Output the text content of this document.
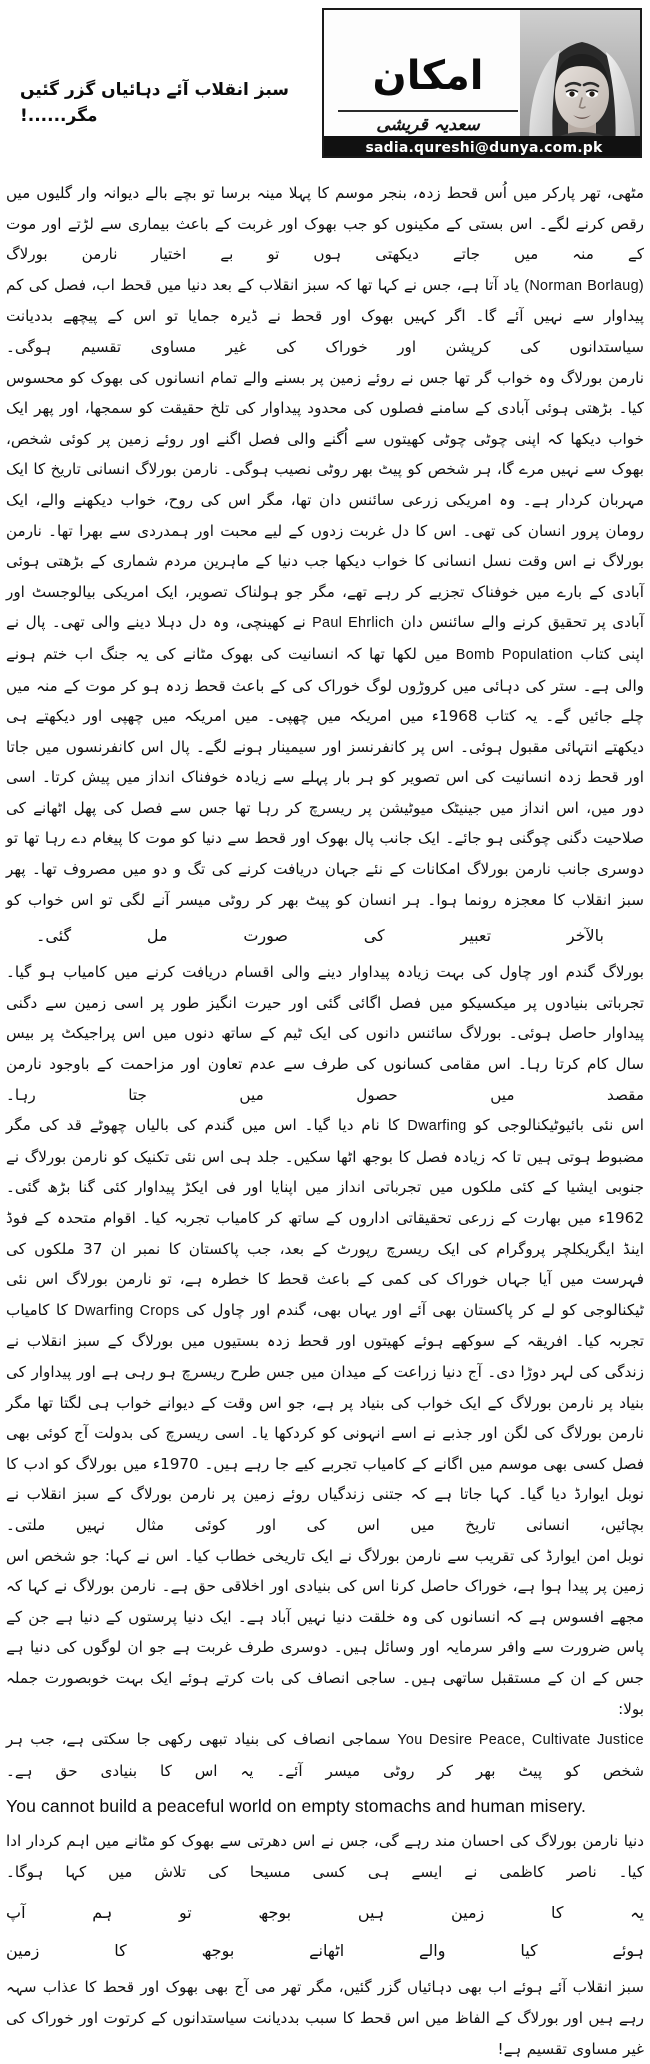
سبز انقلاب آئے دہائیاں گزر گئیں مگر......!
امکان
سعدیہ قریشی
sadia.qureshi@dunya.com.pk

مٹھی، تھر پارکر میں اُس قحط زدہ، بنجر موسم کا پہلا مینہ برسا تو بچے بالے دیوانہ وار گلیوں میں رقص کرنے لگے۔ اس بستی کے مکینوں کو جب بھوک اور غربت کے باعث بیماری سے لڑتے اور موت کے منہ میں جاتے دیکھتی ہوں تو بے اختیار نارمن بورلاگ

(Norman Borlaug) یاد آتا ہے، جس نے کہا تھا کہ سبز انقلاب کے بعد دنیا میں قحط اب، فصل کی کم پیداوار سے نہیں آئے گا۔ اگر کہیں بھوک اور قحط نے ڈیرہ جمایا تو اس کے پیچھے بددیانت سیاستدانوں کی کرپشن اور خوراک کی غیر مساوی تقسیم ہوگی۔

نارمن بورلاگ وہ خواب گر تھا جس نے روئے زمین پر بسنے والے تمام انسانوں کی بھوک کو محسوس کیا۔ بڑھتی ہوئی آبادی کے سامنے فصلوں کی محدود پیداوار کی تلخ حقیقت کو سمجھا، اور پھر ایک خواب دیکھا کہ اپنی چوٹی چوٹی کھیتوں سے اُگنے والی فصل اگنے اور روئے زمین پر کوئی شخص، بھوک سے نہیں مرے گا، ہر شخص کو پیٹ بھر روٹی نصیب ہوگی۔ نارمن بورلاگ انسانی تاریخ کا ایک مہربان کردار ہے۔ وہ امریکی زرعی سائنس دان تھا، مگر اس کی روح، خواب دیکھنے والے، ایک رومان پرور انسان کی تھی۔ اس کا دل غربت زدوں کے لیے محبت اور ہمدردی سے بھرا تھا۔ نارمن بورلاگ نے اس وقت نسل انسانی کا خواب دیکھا جب دنیا کے ماہرین مردم شماری کے بڑھتی ہوئی آبادی کے بارے میں خوفناک تجزیے کر رہے تھے، مگر جو ہولناک تصویر، ایک امریکی بیالوجسٹ اور آبادی پر تحقیق کرنے والے سائنس دان Paul Ehrlich نے کھینچی، وہ دل دہلا دینے والی تھی۔ پال نے اپنی کتاب Population Bomb میں لکھا تھا کہ انسانیت کی بھوک مٹانے کی یہ جنگ اب ختم ہونے والی ہے۔ ستر کی دہائی میں کروڑوں لوگ خوراک کی کے باعث قحط زدہ ہو کر موت کے منہ میں چلے جائیں گے۔ یہ کتاب 1968ء میں امریکہ میں چھپی۔ میں امریکہ میں چھپی اور دیکھتے ہی دیکھتے انتہائی مقبول ہوئی۔ اس پر کانفرنسز اور سیمینار ہونے لگے۔ پال اس کانفرنسوں میں جاتا اور قحط زدہ انسانیت کی اس تصویر کو ہر بار پہلے سے زیادہ خوفناک انداز میں پیش کرتا۔ اسی دور میں، اس انداز میں جینیٹک میوٹیشن پر ریسرچ کر رہا تھا جس سے فصل کی پھل اٹھانے کی صلاحیت دگنی چوگنی ہو جائے۔ ایک جانب پال بھوک اور قحط سے دنیا کو موت کا پیغام دے رہا تھا تو دوسری جانب نارمن بورلاگ امکانات کے نئے جہان دریافت کرنے کی تگ و دو میں مصروف تھا۔ پھر سبز انقلاب کا معجزہ رونما ہوا۔ ہر انسان کو پیٹ بھر کر روٹی میسر آنے لگی تو اس خواب کو

بالآخر تعبیر کی صورت مل گئی۔

بورلاگ گندم اور چاول کی بہت زیادہ پیداوار دینے والی اقسام دریافت کرنے میں کامیاب ہو گیا۔ تجرباتی بنیادوں پر میکسیکو میں فصل اگائی گئی اور حیرت انگیز طور پر اسی زمین سے دگنی پیداوار حاصل ہوئی۔ بورلاگ سائنس دانوں کی ایک ٹیم کے ساتھ دنوں میں اس پراجیکٹ پر بیس سال کام کرتا رہا۔ اس مقامی کسانوں کی طرف سے عدم تعاون اور مزاحمت کے باوجود نارمن مقصد میں حصول میں جتا رہا۔

اس نئی بائیوٹیکنالوجی کو Dwarfing کا نام دیا گیا۔ اس میں گندم کی بالیاں چھوٹے قد کی مگر مضبوط ہوتی ہیں تا کہ زیادہ فصل کا بوجھ اٹھا سکیں۔ جلد ہی اس نئی تکنیک کو نارمن بورلاگ نے جنوبی ایشیا کے کئی ملکوں میں تجرباتی انداز میں اپنایا اور فی ایکڑ پیداوار کئی گنا بڑھ گئی۔ 1962ء میں بھارت کے زرعی تحقیقاتی اداروں کے ساتھ کر کامیاب تجربہ کیا۔ اقوام متحدہ کے فوڈ اینڈ ایگریکلچر پروگرام کی ایک ریسرچ رپورٹ کے بعد، جب پاکستان کا نمبر ان 37 ملکوں کی فہرست میں آیا جہاں خوراک کی کمی کے باعث قحط کا خطرہ ہے، تو نارمن بورلاگ اس نئی ٹیکنالوجی کو لے کر پاکستان بھی آئے اور یہاں بھی، گندم اور چاول کی Dwarfing Crops کا کامیاب تجربہ کیا۔ افریقہ کے سوکھے ہوئے کھیتوں اور قحط زدہ بستیوں میں بورلاگ کے سبز انقلاب نے زندگی کی لہر دوڑا دی۔ آج دنیا زراعت کے میدان میں جس طرح ریسرچ ہو رہی ہے اور پیداوار کی بنیاد پر نارمن بورلاگ کے ایک خواب کی بنیاد پر ہے، جو اس وقت کے دیوانے خواب ہی لگتا تھا مگر نارمن بورلاگ کی لگن اور جذبے نے اسے انہونی کو کردکھا یا۔ اسی ریسرچ کی بدولت آج کوئی بھی فصل کسی بھی موسم میں اگانے کے کامیاب تجربے کیے جا رہے ہیں۔ 1970ء میں بورلاگ کو ادب کا نوبل ایوارڈ دیا گیا۔ کہا جاتا ہے کہ جتنی زندگیاں روئے زمین پر نارمن بورلاگ کے سبز انقلاب نے بچائیں، انسانی تاریخ میں اس کی اور کوئی مثال نہیں ملتی۔

نوبل امن ایوارڈ کی تقریب سے نارمن بورلاگ نے ایک تاریخی خطاب کیا۔ اس نے کہا: جو شخص اس زمین پر پیدا ہوا ہے، خوراک حاصل کرنا اس کی بنیادی اور اخلاقی حق ہے۔ نارمن بورلاگ نے کہا کہ مجھے افسوس ہے کہ انسانوں کی وہ خلقت دنیا نہیں آباد ہے۔ ایک دنیا پرستوں کے دنیا ہے جن کے پاس ضرورت سے وافر سرمایہ اور وسائل ہیں۔ دوسری طرف غربت ہے جو ان لوگوں کی دنیا ہے جس کے ان کے مستقبل ساتھی ہیں۔ ساجی انصاف کی بات کرتے ہوئے ایک بہت خوبصورت جملہ بولا:

You Desire Peace, Cultivate Justice سماجی انصاف کی بنیاد تبھی رکھی جا سکتی ہے، جب ہر شخص کو پیٹ بھر کر روٹی میسر آئے۔ یہ اس کا بنیادی حق ہے۔

You cannot build a peaceful world on empty stomachs and human misery.

دنیا نارمن بورلاگ کی احسان مند رہے گی، جس نے اس دھرتی سے بھوک کو مٹانے میں اہم کردار ادا کیا۔ ناصر کاظمی نے ایسے ہی کسی مسیحا کی تلاش میں کہا ہوگا۔

یہ کا زمین ہیں بوجھ تو ہم آپ

ہوئے کیا والے اٹھانے بوجھ کا زمین

سبز انقلاب آئے ہوئے اب بھی دہائیاں گزر گئیں، مگر تھر می آج بھی بھوک اور قحط کا عذاب سہہ رہے ہیں اور بورلاگ کے الفاظ میں اس قحط کا سبب بددیانت سیاستدانوں کے کرتوت اور خوراک کی غیر مساوی تقسیم ہے!
